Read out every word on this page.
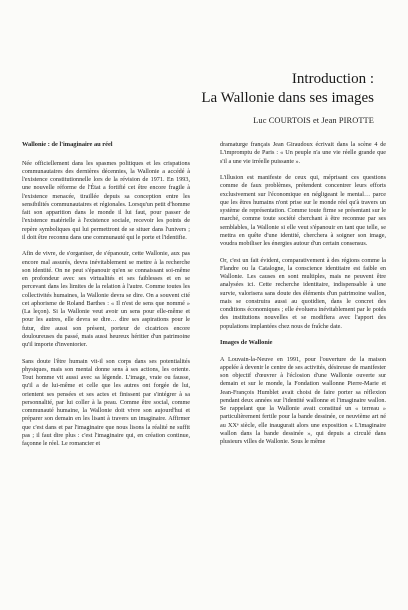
Introduction :
La Wallonie dans ses images
Luc COURTOIS et Jean PIROTTE
Wallonie : de l'imaginaire au réel

Née officiellement dans les spasmes politiques et les crispations communautaires des dernières décennies, la Wallonie a accédé à l'existence constitutionnelle lors de la révision de 1971. En 1993, une nouvelle réforme de l'État a fortifié cet être encore fragile à l'existence menacée, tiraillée depuis sa conception entre les sensibilités communautaires et régionales. Lorsqu'un petit d'homme fait son apparition dans le monde il lui faut, pour passer de l'existence matérielle à l'existence sociale, recevoir les points de repère symboliques qui lui permettront de se situer dans l'univers ; il doit être reconnu dans une communauté qui le porte et l'identifie.

Afin de vivre, de s'organiser, de s'épanouir, cette Wallonie, aux pas encore mal assurés, devra inévitablement se mettre à la recherche son identité. On ne peut s'épanouir qu'en se connaissant soi-même en profondeur avec ses virtualités et ses faiblesses et en se percevant dans les limites de la relation à l'autre. Comme toutes les collectivités humaines, la Wallonie devra se dire. On a souvent cité cet aphorisme de Roland Barthes : « Il n'est de sens que nommé » (La leçon). Si la Wallonie veut avoir un sens pour elle-même et pour les autres, elle devra se dire… dire ses aspirations pour le futur, dire aussi son présent, porteur de cicatrices encore douloureuses du passé, mais aussi heureux héritier d'un patrimoine qu'il importe d'inventorier.

Sans doute l'être humain vit-il son corps dans ses potentialités physiques, mais son mental donne sens à ses actions, les oriente. Tout homme vit aussi avec sa légende. L'image, vraie ou fausse, qu'il a de lui-même et celle que les autres ont forgée de lui, orientent ses pensées et ses actes et finissent par s'intégrer à sa personnalité, par lui coller à la peau. Comme être social, comme communauté humaine, la Wallonie doit vivre son aujourd'hui et préparer son demain en les lisant à travers un imaginaire. Affirmer que c'est dans et par l'imaginaire que nous lisons la réalité ne suffit pas ; il faut dire plus : c'est l'imaginaire qui, en création continue, façonne le réel. Le romancier et

dramaturge français Jean Giraudoux écrivait dans la scène 4 de L'impromptu de Paris : « Un peuple n'a une vie réelle grande que s'il a une vie irréelle puissante ».

L'illusion est manifeste de ceux qui, méprisant ces questions comme de faux problèmes, prétendent concentrer leurs efforts exclusivement sur l'économique en négligeant le mental… parce que les êtres humains n'ont prise sur le monde réel qu'à travers un système de représentation. Comme toute firme se présentant sur le marché, comme toute société cherchant à être reconnue par ses semblables, la Wallonie si elle veut s'épanouir en tant que telle, se mettra en quête d'une identité, cherchera à soigner son image, voudra mobiliser les énergies autour d'un certain consensus.

Or, c'est un fait évident, comparativement à des régions comme la Flandre ou la Catalogne, la conscience identitaire est faible en Wallonie. Les causes en sont multiples, mais ne peuvent être analysées ici. Cette recherche identitaire, indispensable à une survie, valorisera sans doute des éléments d'un patrimoine wallon, mais se construira aussi au quotidien, dans le concret des conditions économiques ; elle évoluera inévitablement par le poids des institutions nouvelles et se modifiera avec l'apport des populations implantées chez nous de fraîche date.

Images de Wallonie

A Louvain-la-Neuve en 1991, pour l'ouverture de la maison appelée à devenir le centre de ses activités, désireuse de manifester son objectif d'œuvrer à l'éclosion d'une Wallonie ouverte sur demain et sur le monde, la Fondation wallonne Pierre-Marie et Jean-François Humblet avait choisi de faire porter sa réflexion pendant deux années sur l'identité wallonne et l'imaginaire wallon. Se rappelant que la Wallonie avait constitué un « terreau » particulièrement fertile pour la bande dessinée, ce neuvième art né au XXᵉ siècle, elle inaugurait alors une exposition « L'imaginaire wallon dans la bande dessinée », qui depuis a circulé dans plusieurs villes de Wallonie. Sous le même
